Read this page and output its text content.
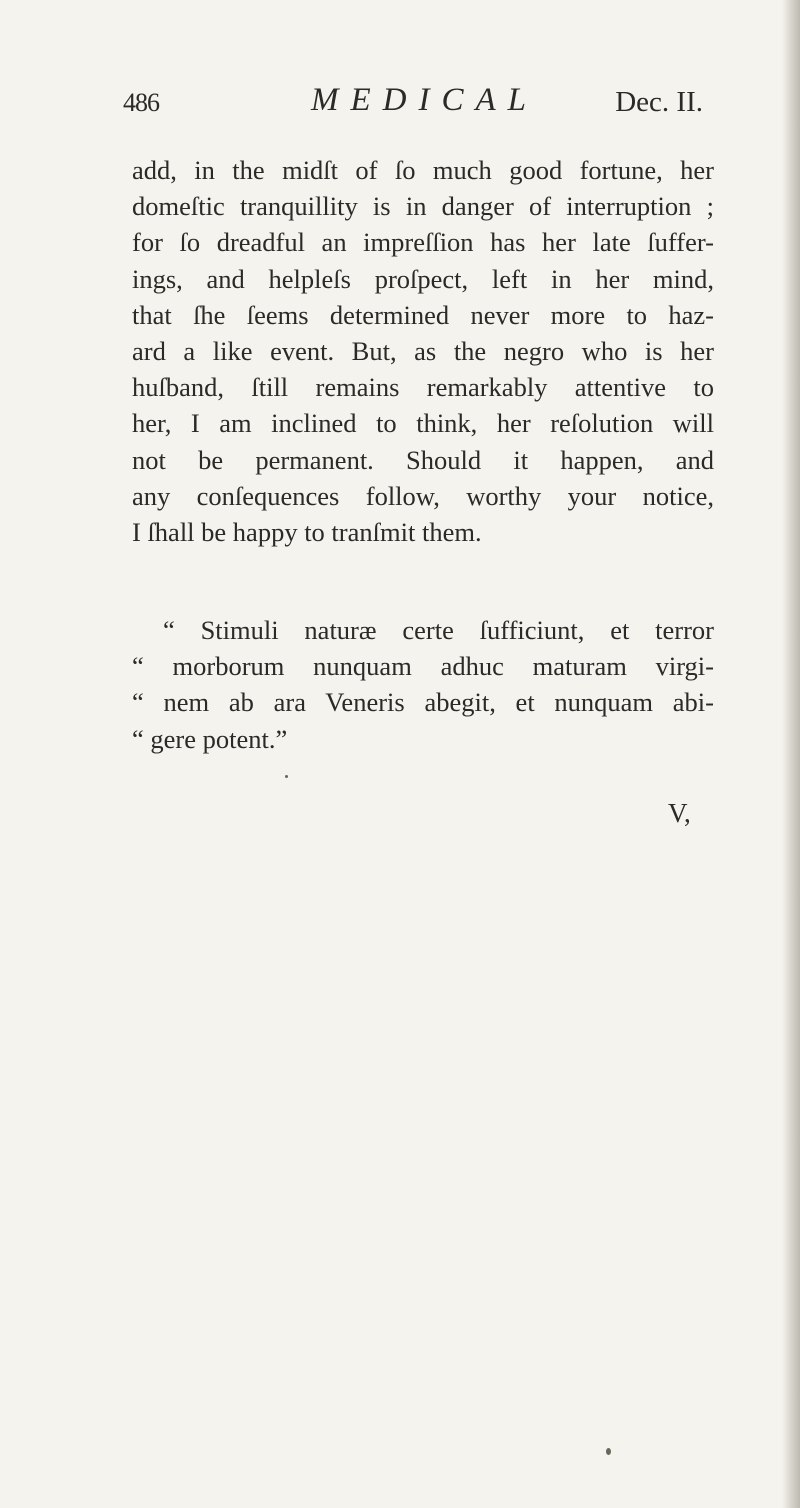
486	MEDICAL	Dec. II.
add, in the midſt of ſo much good fortune, her
domeſtic tranquillity is in danger of interruption ;
for ſo dreadful an impreſſion has her late ſuffer-
ings, and helpleſs proſpect, left in her mind,
that ſhe ſeems determined never more to haz-
ard a like event. But, as the negro who is her
huſband, ſtill remains remarkably attentive to
her, I am inclined to think, her reſolution will
not be permanent. Should it happen, and
any conſequences follow, worthy your notice,
I ſhall be happy to tranſmit them.
“ Stimuli naturæ certe ſufficiunt, et terror
“ morborum nunquam adhuc maturam virgi-
“ nem ab ara Veneris abegit, et nunquam abi-
“ gere potent.”
V,
